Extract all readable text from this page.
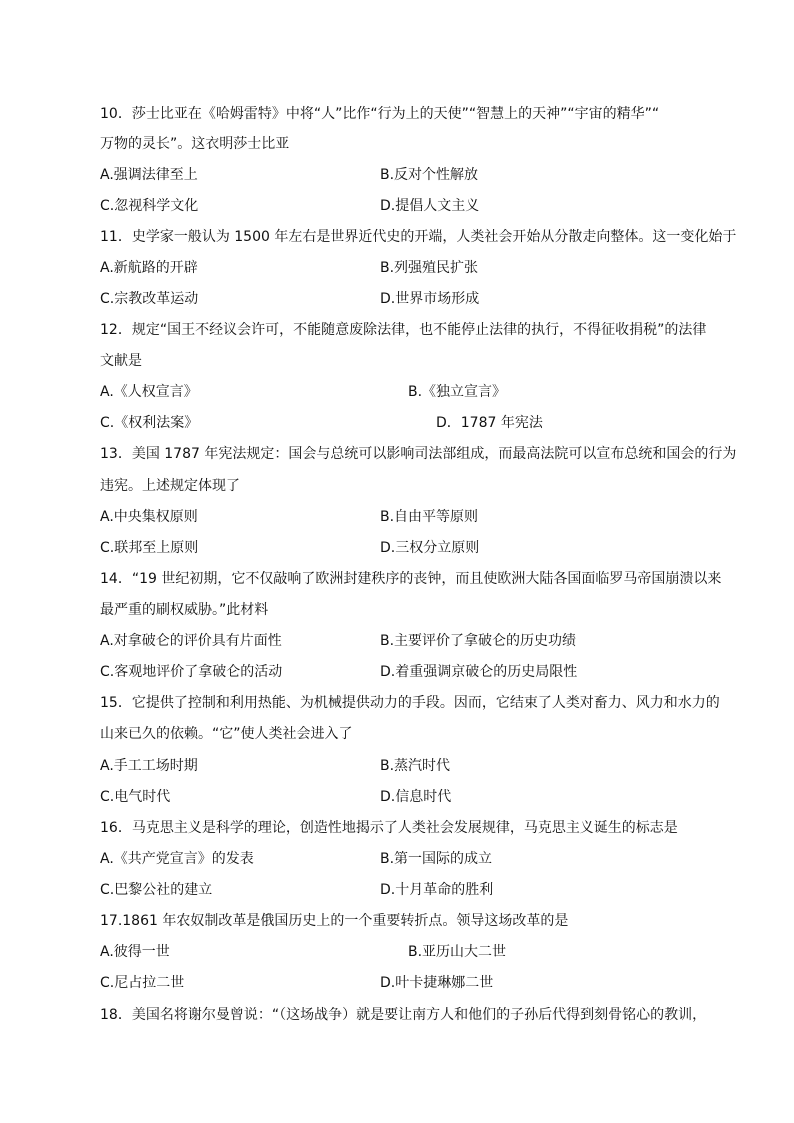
10．莎士比亚在《哈姆雷特》中将“人”比作“行为上的天使”“智慧上的天神”“宇宙的精华”“
万物的灵长”。这衣明莎士比亚
A.强调法律至上	B.反对个性解放
C.忽视科学文化	D.提倡人文主义
11．史学家一般认为 1500 年左右是世界近代史的开端，人类社会开始从分散走向整体。这一变化始于
A.新航路的开辟	B.列强殖民扩张
C.宗教改革运动	D.世界市场形成
12．规定“国王不经议会许可，不能随意废除法律，也不能停止法律的执行，不得征收捐税”的法律
文献是
A.《人权宣言》	B.《独立宣言》
C.《权利法案》	D．1787 年宪法
13．美国 1787 年宪法规定：国会与总统可以影响司法部组成，而最高法院可以宣布总统和国会的行为
违宪。上述规定体现了
A.中央集权原则	B.自由平等原则
C.联邦至上原则	D.三权分立原则
14．“19 世纪初期，它不仅敲响了欧洲封建秩序的丧钟，而且使欧洲大陆各国面临罗马帝国崩溃以来
最严重的刷权威胁。”此材料
A.对拿破仑的评价具有片面性	B.主要评价了拿破仑的历史功绩
C.客观地评价了拿破仑的活动	D.着重强调京破仑的历史局限性
15．它提供了控制和利用热能、为机械提供动力的手段。因而，它结束了人类对畜力、风力和水力的
山来已久的依赖。“它”使人类社会进入了
A.手工工场时期	B.蒸汽时代
C.电气时代	D.信息时代
16．马克思主义是科学的理论，创造性地揭示了人类社会发展规律，马克思主义诞生的标志是
A.《共产党宣言》的发表	B.第一国际的成立
C.巴黎公社的建立	D.十月革命的胜利
17.1861 年农奴制改革是俄国历史上的一个重要转折点。领导这场改革的是
A.彼得一世	B.亚历山大二世
C.尼占拉二世	D.叶卡捷琳娜二世
18．美国名将谢尔曼曾说：“（这场战争）就是要让南方人和他们的子孙后代得到刻骨铭心的教训，
